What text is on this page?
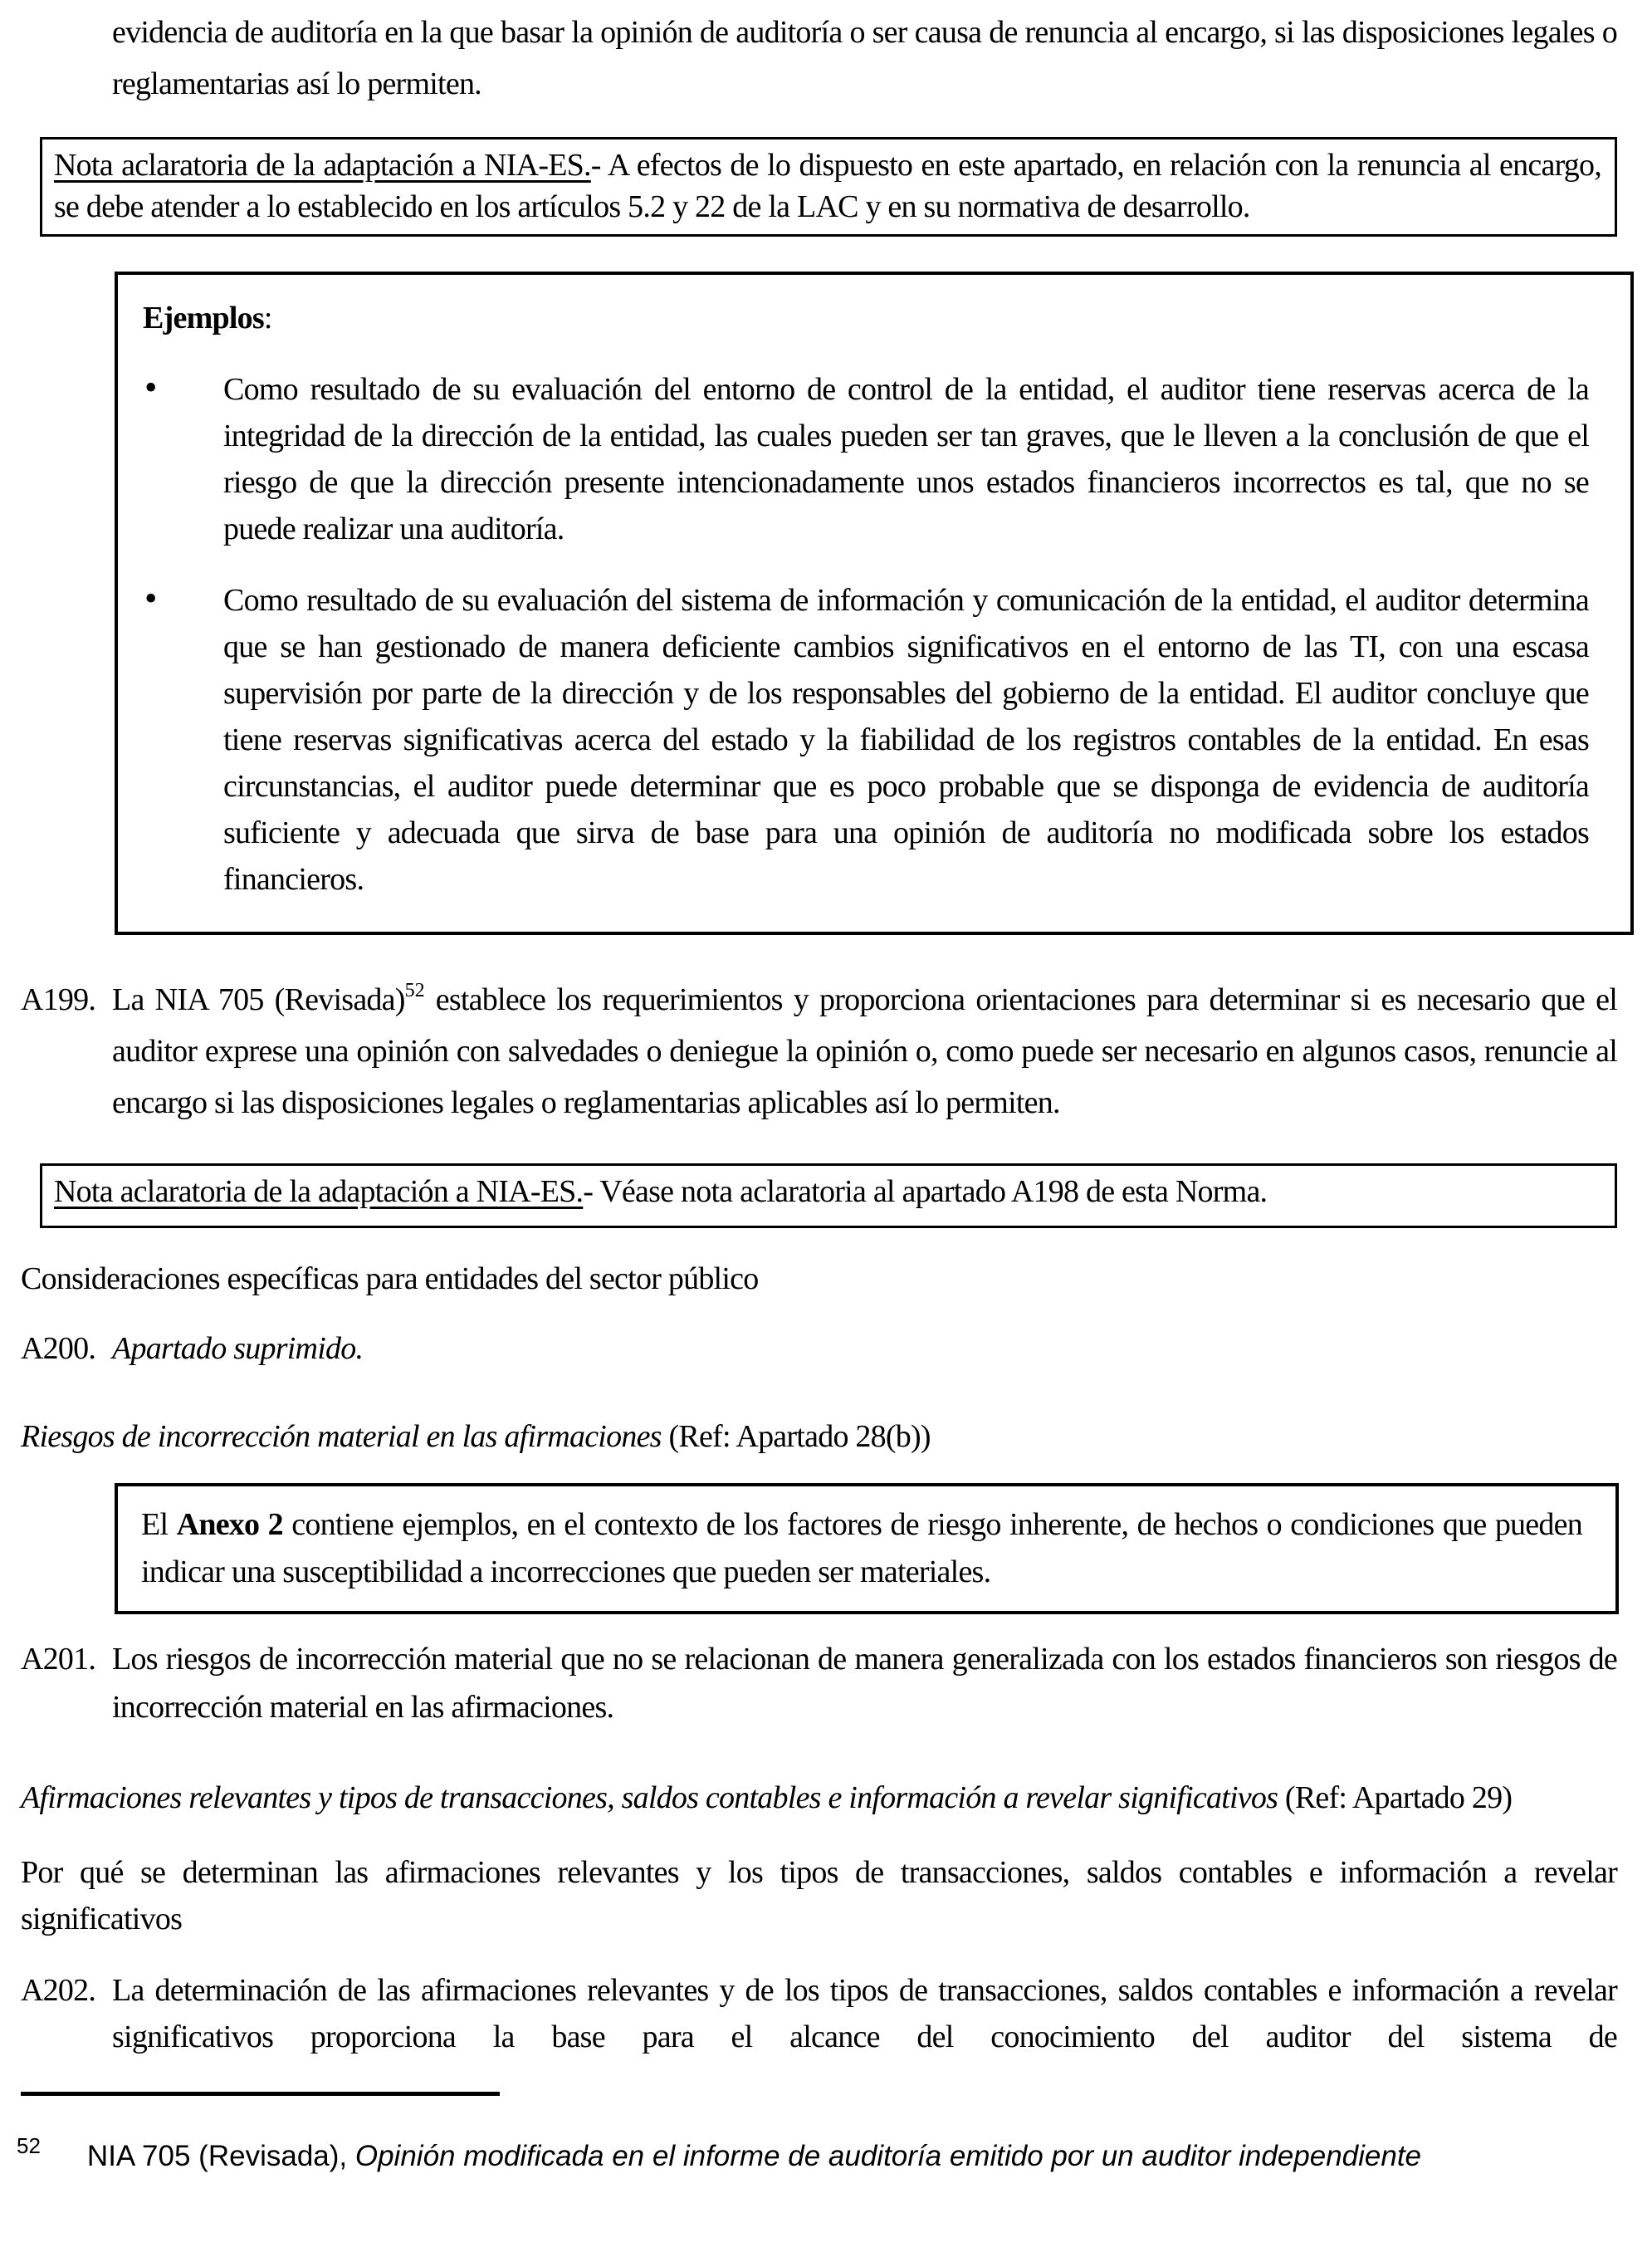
evidencia de auditoría en la que basar la opinión de auditoría o ser causa de renuncia al encargo, si las disposiciones legales o reglamentarias así lo permiten.

Nota aclaratoria de la adaptación a NIA-ES.- A efectos de lo dispuesto en este apartado, en relación con la renuncia al encargo, se debe atender a lo establecido en los artículos 5.2 y 22 de la LAC y en su normativa de desarrollo.
Ejemplos:
• Como resultado de su evaluación del entorno de control de la entidad, el auditor tiene reservas acerca de la integridad de la dirección de la entidad, las cuales pueden ser tan graves, que le lleven a la conclusión de que el riesgo de que la dirección presente intencionadamente unos estados financieros incorrectos es tal, que no se puede realizar una auditoría.
• Como resultado de su evaluación del sistema de información y comunicación de la entidad, el auditor determina que se han gestionado de manera deficiente cambios significativos en el entorno de las TI, con una escasa supervisión por parte de la dirección y de los responsables del gobierno de la entidad. El auditor concluye que tiene reservas significativas acerca del estado y la fiabilidad de los registros contables de la entidad. En esas circunstancias, el auditor puede determinar que es poco probable que se disponga de evidencia de auditoría suficiente y adecuada que sirva de base para una opinión de auditoría no modificada sobre los estados financieros.

A199. La NIA 705 (Revisada)$^{52}$ establece los requerimientos y proporciona orientaciones para determinar si es necesario que el auditor exprese una opinión con salvedades o deniegue la opinión o, como puede ser necesario en algunos casos, renuncie al encargo si las disposiciones legales o reglamentarias aplicables así lo permiten.

Nota aclaratoria de la adaptación a NIA-ES.- Véase nota aclaratoria al apartado A198 de esta Norma.

Consideraciones específicas para entidades del sector público

A200. Apartado suprimido.

Riesgos de incorrección material en las afirmaciones (Ref: Apartado 28(b))

El Anexo 2 contiene ejemplos, en el contexto de los factores de riesgo inherente, de hechos o condiciones que pueden indicar una susceptibilidad a incorrecciones que pueden ser materiales.

A201. Los riesgos de incorrección material que no se relacionan de manera generalizada con los estados financieros son riesgos de incorrección material en las afirmaciones.

Afirmaciones relevantes y tipos de transacciones, saldos contables e información a revelar significativos (Ref: Apartado 29)

Por qué se determinan las afirmaciones relevantes y los tipos de transacciones, saldos contables e información a revelar significativos

A202. La determinación de las afirmaciones relevantes y de los tipos de transacciones, saldos contables e información a revelar significativos proporciona la base para el alcance del conocimiento del auditor del sistema de

$^{52}$ NIA 705 (Revisada), Opinión modificada en el informe de auditoría emitido por un auditor independiente
